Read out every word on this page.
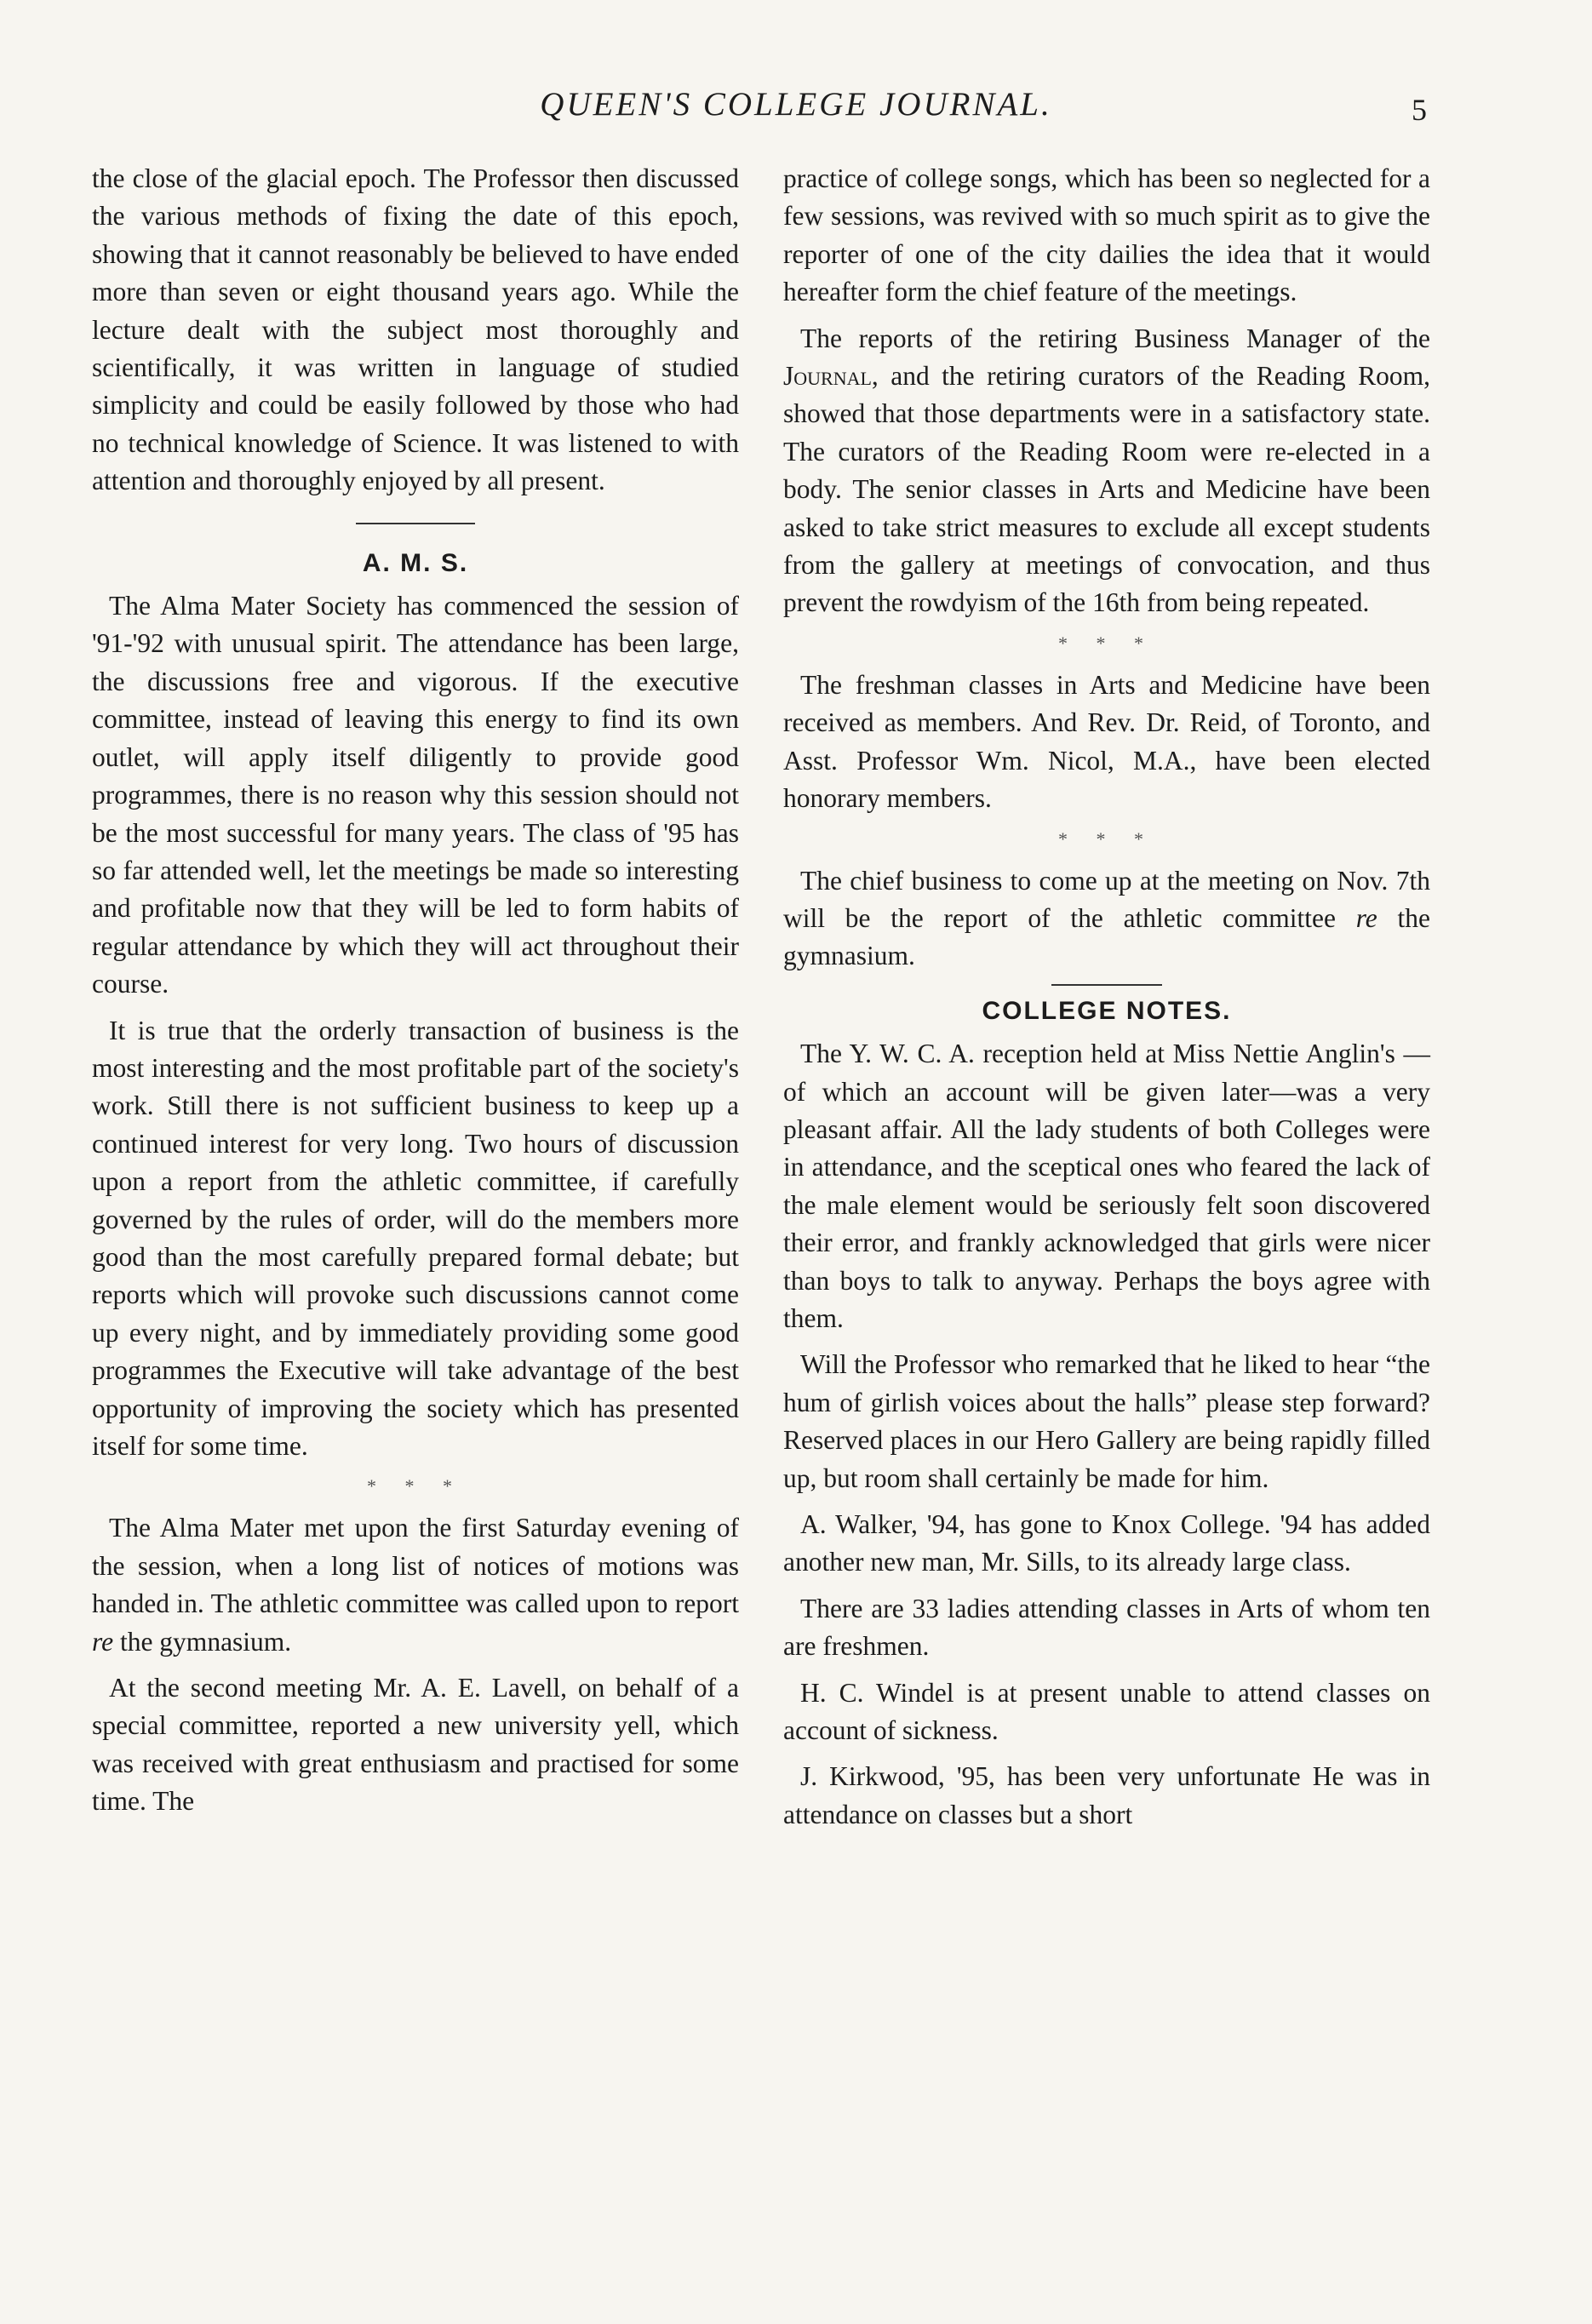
QUEEN'S COLLEGE JOURNAL.	5

the close of the glacial epoch. The Professor then discussed the various methods of fixing the date of this epoch, showing that it cannot reasonably be believed to have ended more than seven or eight thousand years ago. While the lecture dealt with the subject most thoroughly and scientifically, it was written in language of studied simplicity and could be easily followed by those who had no technical knowledge of Science. It was listened to with attention and thoroughly enjoyed by all present.

A. M. S.

The Alma Mater Society has commenced the session of '91-'92 with unusual spirit. The attendance has been large, the discussions free and vigorous. If the executive committee, instead of leaving this energy to find its own outlet, will apply itself diligently to provide good programmes, there is no reason why this session should not be the most successful for many years. The class of '95 has so far attended well, let the meetings be made so interesting and profitable now that they will be led to form habits of regular attendance by which they will act throughout their course.

It is true that the orderly transaction of business is the most interesting and the most profitable part of the society's work. Still there is not sufficient business to keep up a continued interest for very long. Two hours of discussion upon a report from the athletic committee, if carefully governed by the rules of order, will do the members more good than the most carefully prepared formal debate; but reports which will provoke such discussions cannot come up every night, and by immediately providing some good programmes the Executive will take advantage of the best opportunity of improving the society which has presented itself for some time.

* * *

The Alma Mater met upon the first Saturday evening of the session, when a long list of notices of motions was handed in. The athletic committee was called upon to report re the gymnasium.

At the second meeting Mr. A. E. Lavell, on behalf of a special committee, reported a new university yell, which was received with great enthusiasm and practised for some time. The

practice of college songs, which has been so neglected for a few sessions, was revived with so much spirit as to give the reporter of one of the city dailies the idea that it would hereafter form the chief feature of the meetings.

The reports of the retiring Business Manager of the Journal, and the retiring curators of the Reading Room, showed that those departments were in a satisfactory state. The curators of the Reading Room were re-elected in a body. The senior classes in Arts and Medicine have been asked to take strict measures to exclude all except students from the gallery at meetings of convocation, and thus prevent the rowdyism of the 16th from being repeated.

* * *

The freshman classes in Arts and Medicine have been received as members. And Rev. Dr. Reid, of Toronto, and Asst. Professor Wm. Nicol, M.A., have been elected honorary members.

* * *

The chief business to come up at the meeting on Nov. 7th will be the report of the athletic committee re the gymnasium.

COLLEGE NOTES.

The Y. W. C. A. reception held at Miss Nettie Anglin's —of which an account will be given later—was a very pleasant affair. All the lady students of both Colleges were in attendance, and the sceptical ones who feared the lack of the male element would be seriously felt soon discovered their error, and frankly acknowledged that girls were nicer than boys to talk to anyway. Perhaps the boys agree with them.

Will the Professor who remarked that he liked to hear “the hum of girlish voices about the halls” please step forward? Reserved places in our Hero Gallery are being rapidly filled up, but room shall certainly be made for him.

A. Walker, '94, has gone to Knox College. '94 has added another new man, Mr. Sills, to its already large class.

There are 33 ladies attending classes in Arts of whom ten are freshmen.

H. C. Windel is at present unable to attend classes on account of sickness.

J. Kirkwood, '95, has been very unfortunate He was in attendance on classes but a short
